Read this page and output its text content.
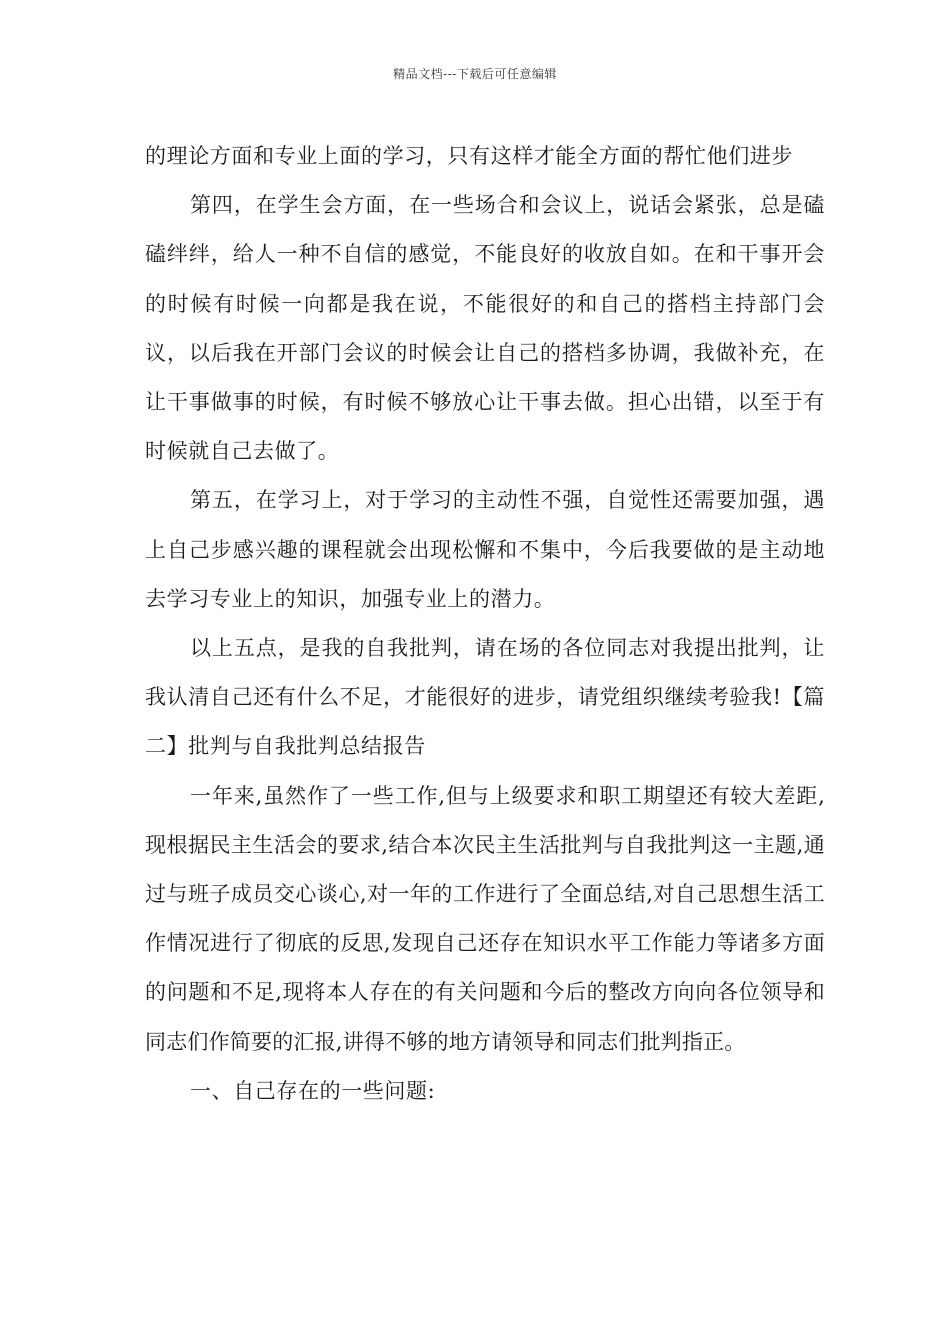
精品文档---下载后可任意编辑

的理论方面和专业上面的学习，只有这样才能全方面的帮忙他们进步

第四，在学生会方面，在一些场合和会议上，说话会紧张，总是磕磕绊绊，给人一种不自信的感觉，不能良好的收放自如。在和干事开会的时候有时候一向都是我在说，不能很好的和自己的搭档主持部门会议，以后我在开部门会议的时候会让自己的搭档多协调，我做补充，在让干事做事的时候，有时候不够放心让干事去做。担心出错，以至于有时候就自己去做了。

第五，在学习上，对于学习的主动性不强，自觉性还需要加强，遇上自己步感兴趣的课程就会出现松懈和不集中，今后我要做的是主动地去学习专业上的知识，加强专业上的潜力。

以上五点，是我的自我批判，请在场的各位同志对我提出批判，让我认清自己还有什么不足，才能很好的进步，请党组织继续考验我!【篇二】批判与自我批判总结报告

一年来,虽然作了一些工作,但与上级要求和职工期望还有较大差距,现根据民主生活会的要求,结合本次民主生活批判与自我批判这一主题,通过与班子成员交心谈心,对一年的工作进行了全面总结,对自己思想生活工作情况进行了彻底的反思,发现自己还存在知识水平工作能力等诸多方面的问题和不足,现将本人存在的有关问题和今后的整改方向向各位领导和同志们作简要的汇报,讲得不够的地方请领导和同志们批判指正。

一、自己存在的一些问题:
